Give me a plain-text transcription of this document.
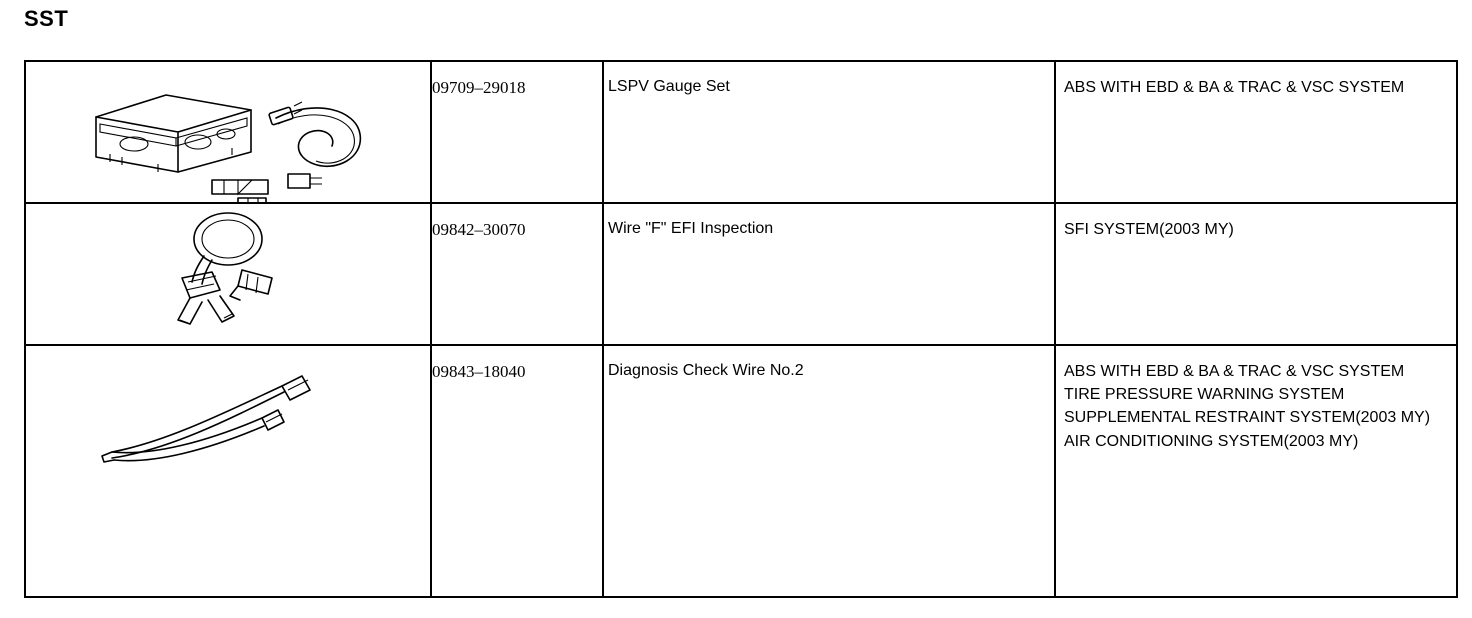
SST

09709–29018	LSPV Gauge Set	ABS WITH EBD & BA & TRAC & VSC SYSTEM

09842–30070	Wire "F" EFI Inspection	SFI SYSTEM(2003 MY)

09843–18040	Diagnosis Check Wire No.2	ABS WITH EBD & BA & TRAC & VSC SYSTEM
TIRE PRESSURE WARNING SYSTEM
SUPPLEMENTAL RESTRAINT SYSTEM(2003 MY)
AIR CONDITIONING SYSTEM(2003 MY)
